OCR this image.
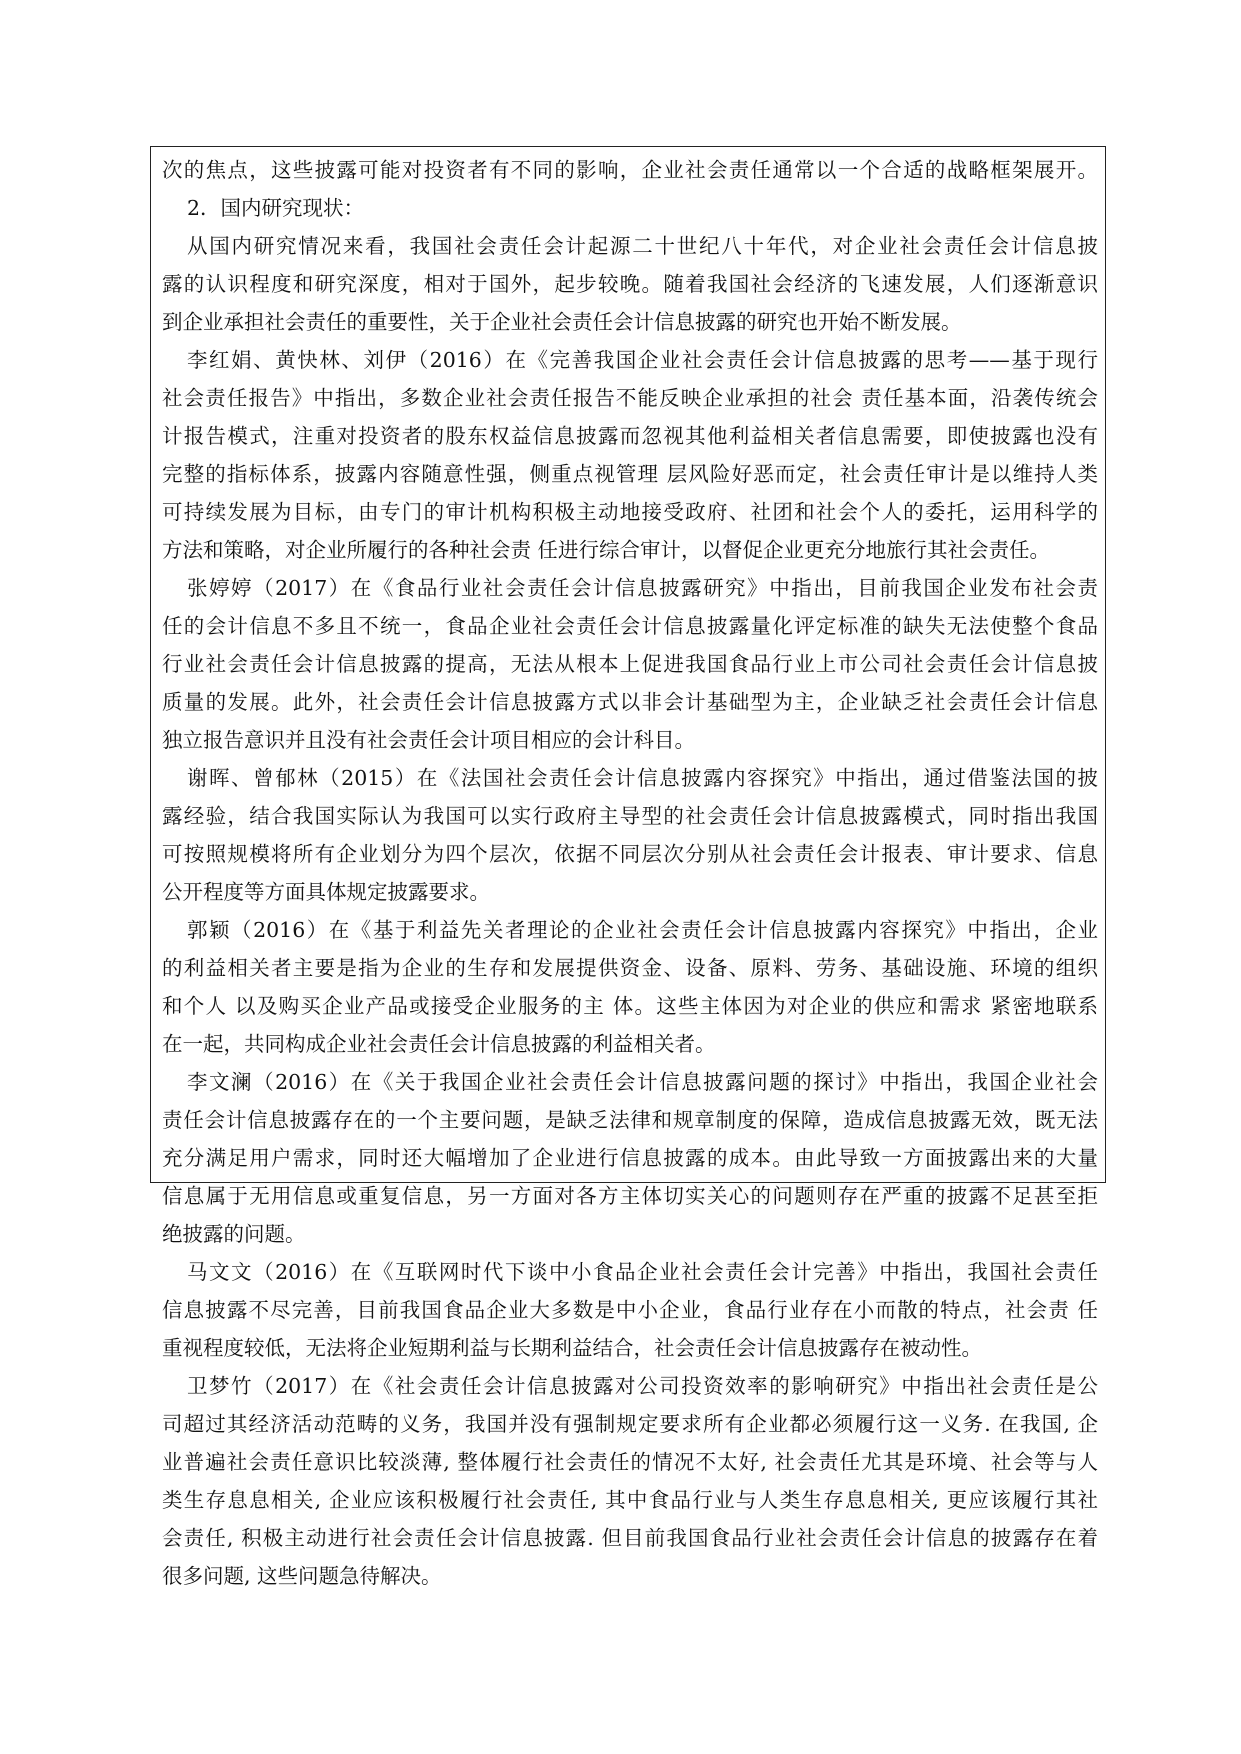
次的焦点，这些披露可能对投资者有不同的影响，企业社会责任通常以一个合适的战略框架展开。
2．国内研究现状：
从国内研究情况来看，我国社会责任会计起源二十世纪八十年代，对企业社会责任会计信息披
露的认识程度和研究深度，相对于国外，起步较晚。随着我国社会经济的飞速发展，人们逐渐意识
到企业承担社会责任的重要性，关于企业社会责任会计信息披露的研究也开始不断发展。
李红娟、黄快林、刘伊（2016）在《完善我国企业社会责任会计信息披露的思考——基于现行
社会责任报告》中指出，多数企业社会责任报告不能反映企业承担的社会 责任基本面，沿袭传统会
计报告模式，注重对投资者的股东权益信息披露而忽视其他利益相关者信息需要，即使披露也没有
完整的指标体系，披露内容随意性强，侧重点视管理 层风险好恶而定，社会责任审计是以维持人类
可持续发展为目标，由专门的审计机构积极主动地接受政府、社团和社会个人的委托，运用科学的
方法和策略，对企业所履行的各种社会责 任进行综合审计，以督促企业更充分地旅行其社会责任。
张婷婷（2017）在《食品行业社会责任会计信息披露研究》中指出，目前我国企业发布社会责
任的会计信息不多且不统一，食品企业社会责任会计信息披露量化评定标准的缺失无法使整个食品
行业社会责任会计信息披露的提高，无法从根本上促进我国食品行业上市公司社会责任会计信息披
质量的发展。此外，社会责任会计信息披露方式以非会计基础型为主，企业缺乏社会责任会计信息
独立报告意识并且没有社会责任会计项目相应的会计科目。
谢晖、曾郁林（2015）在《法国社会责任会计信息披露内容探究》中指出，通过借鉴法国的披
露经验，结合我国实际认为我国可以实行政府主导型的社会责任会计信息披露模式，同时指出我国
可按照规模将所有企业划分为四个层次，依据不同层次分别从社会责任会计报表、审计要求、信息
公开程度等方面具体规定披露要求。
郭颖（2016）在《基于利益先关者理论的企业社会责任会计信息披露内容探究》中指出，企业
的利益相关者主要是指为企业的生存和发展提供资金、设备、原料、劳务、基础设施、环境的组织
和个人 以及购买企业产品或接受企业服务的主 体。这些主体因为对企业的供应和需求 紧密地联系
在一起，共同构成企业社会责任会计信息披露的利益相关者。
李文澜（2016）在《关于我国企业社会责任会计信息披露问题的探讨》中指出，我国企业社会
责任会计信息披露存在的一个主要问题，是缺乏法律和规章制度的保障，造成信息披露无效，既无法
充分满足用户需求，同时还大幅增加了企业进行信息披露的成本。由此导致一方面披露出来的大量
信息属于无用信息或重复信息，另一方面对各方主体切实关心的问题则存在严重的披露不足甚至拒
绝披露的问题。
马文文（2016）在《互联网时代下谈中小食品企业社会责任会计完善》中指出，我国社会责任
信息披露不尽完善，目前我国食品企业大多数是中小企业，食品行业存在小而散的特点，社会责 任
重视程度较低，无法将企业短期利益与长期利益结合，社会责任会计信息披露存在被动性。
卫梦竹（2017）在《社会责任会计信息披露对公司投资效率的影响研究》中指出社会责任是公
司超过其经济活动范畴的义务，我国并没有强制规定要求所有企业都必须履行这一义务. 在我国, 企
业普遍社会责任意识比较淡薄, 整体履行社会责任的情况不太好, 社会责任尤其是环境、社会等与人
类生存息息相关, 企业应该积极履行社会责任, 其中食品行业与人类生存息息相关, 更应该履行其社
会责任, 积极主动进行社会责任会计信息披露. 但目前我国食品行业社会责任会计信息的披露存在着
很多问题, 这些问题急待解决。
